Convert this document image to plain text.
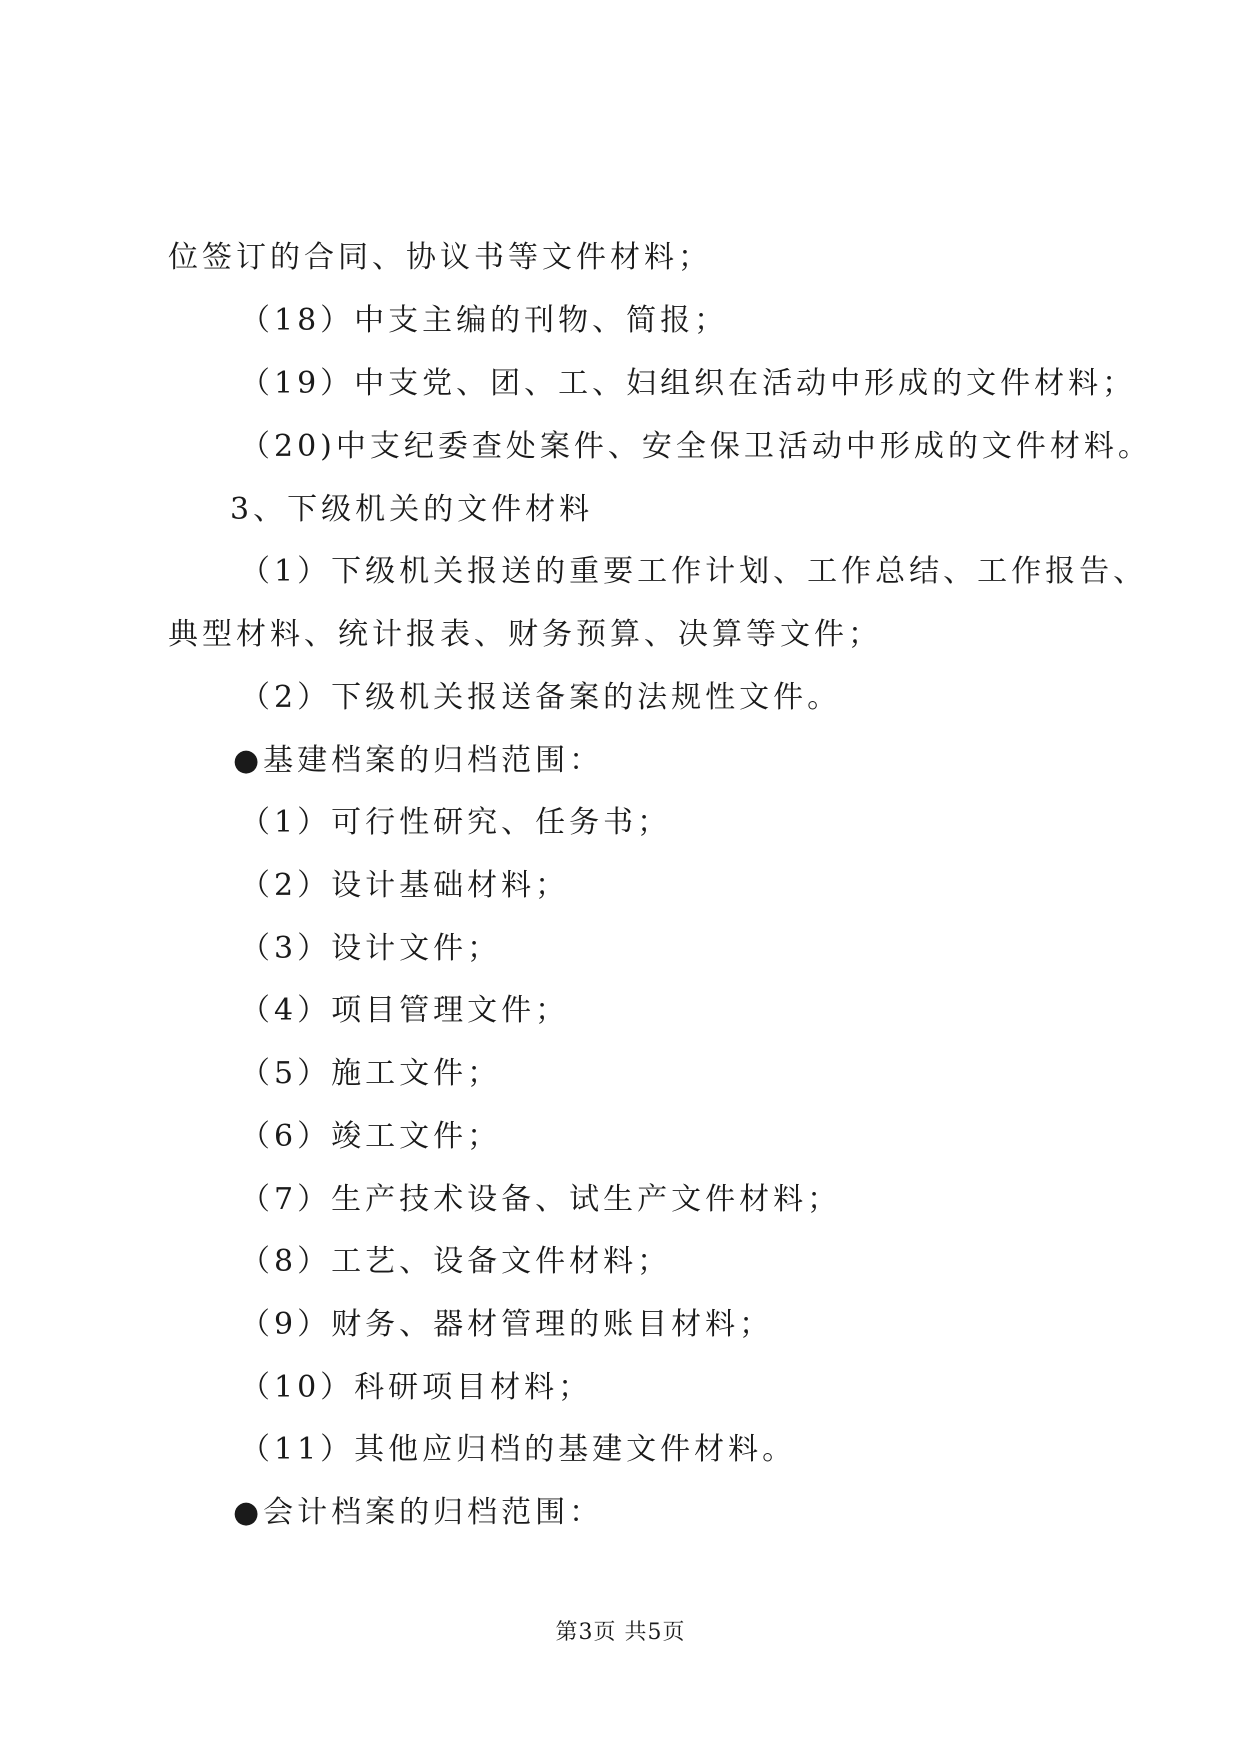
位签订的合同、协议书等文件材料；
（18）中支主编的刊物、简报；
（19）中支党、团、工、妇组织在活动中形成的文件材料；
（20)中支纪委查处案件、安全保卫活动中形成的文件材料。
3、下级机关的文件材料
（1）下级机关报送的重要工作计划、工作总结、工作报告、
典型材料、统计报表、财务预算、决算等文件；
（2）下级机关报送备案的法规性文件。
●基建档案的归档范围：
（1）可行性研究、任务书；
（2）设计基础材料；
（3）设计文件；
（4）项目管理文件；
（5）施工文件；
（6）竣工文件；
（7）生产技术设备、试生产文件材料；
（8）工艺、设备文件材料；
（9）财务、器材管理的账目材料；
（10）科研项目材料；
（11）其他应归档的基建文件材料。
●会计档案的归档范围：
第3页 共5页
